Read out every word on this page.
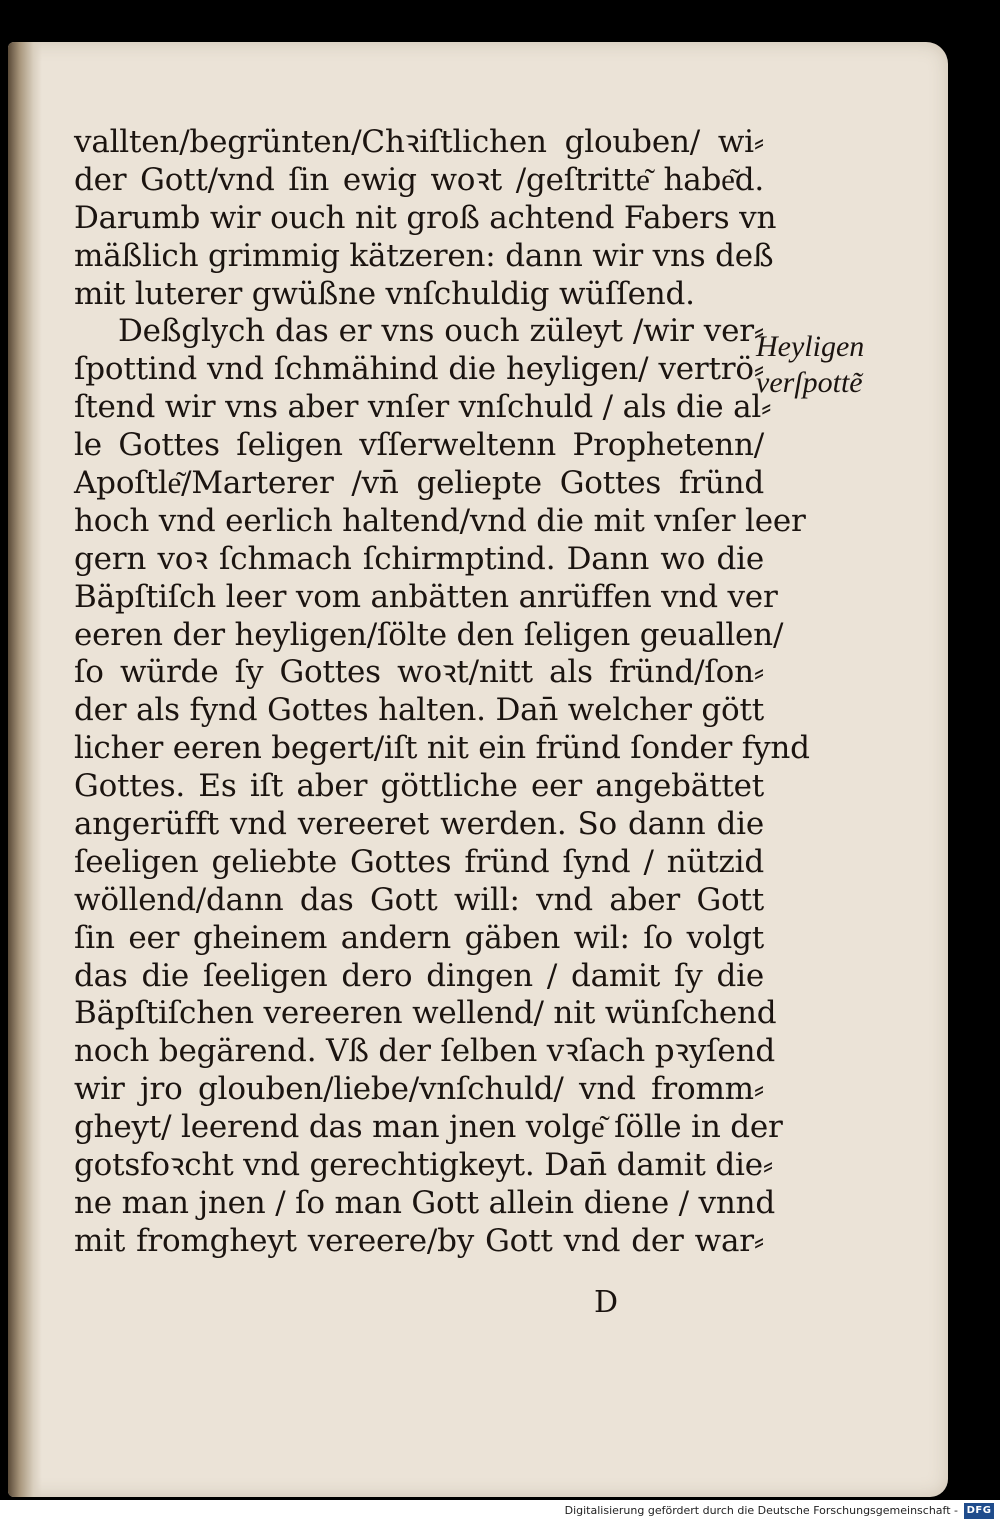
vallten/begrünten/Chꝛiſtlichen glouben/ wi⸗
der Gott/vnd ſin ewig woꝛt /geſtritte͂ habe͂d.
Darumb wir ouch nit groß achtend Fabers vn
mäßlich grimmig kätzeren: dann wir vns deß
mit luterer gwüßne vnſchuldig wüſſend.
Deßglych das er vns ouch züleyt /wir ver⸗
ſpottind vnd ſchmähind die heyligen/ vertrö⸗
ſtend wir vns aber vnſer vnſchuld / als die al⸗
le Gottes ſeligen vſſerweltenn Prophetenn/
Apoſtle͂/Marterer /vn̄ geliepte Gottes fründ
hoch vnd eerlich haltend/vnd die mit vnſer leer
gern voꝛ ſchmach ſchirmptind. Dann wo die
Bäpſtiſch leer vom anbätten anrüffen vnd ver
eeren der heyligen/ſölte den ſeligen geuallen/
ſo würde ſy Gottes woꝛt/nitt als fründ/ſon⸗
der als fynd Gottes halten. Dan̄ welcher gött
licher eeren begert/iſt nit ein fründ ſonder fynd
Gottes. Es iſt aber göttliche eer angebättet
angerüfft vnd vereeret werden. So dann die
ſeeligen geliebte Gottes fründ ſynd / nützid
wöllend/dann das Gott will: vnd aber Gott
ſin eer gheinem andern gäben wil: ſo volgt
das die ſeeligen dero dingen / damit ſy die
Bäpſtiſchen vereeren wellend/ nit wünſchend
noch begärend. Vß der ſelben vꝛſach pꝛyſend
wir jro glouben/liebe/vnſchuld/ vnd fromm⸗
gheyt/ leerend das man jnen volge͂ ſölle in der
gotsfoꝛcht vnd gerechtigkeyt. Dan̄ damit die⸗
ne man jnen / ſo man Gott allein diene / vnnd
mit fromgheyt vereere/by Gott vnd der war⸗
Heyligen
verſpotte͂
D
Digitalisierung gefördert durch die Deutsche Forschungsgemeinschaft - DFG
